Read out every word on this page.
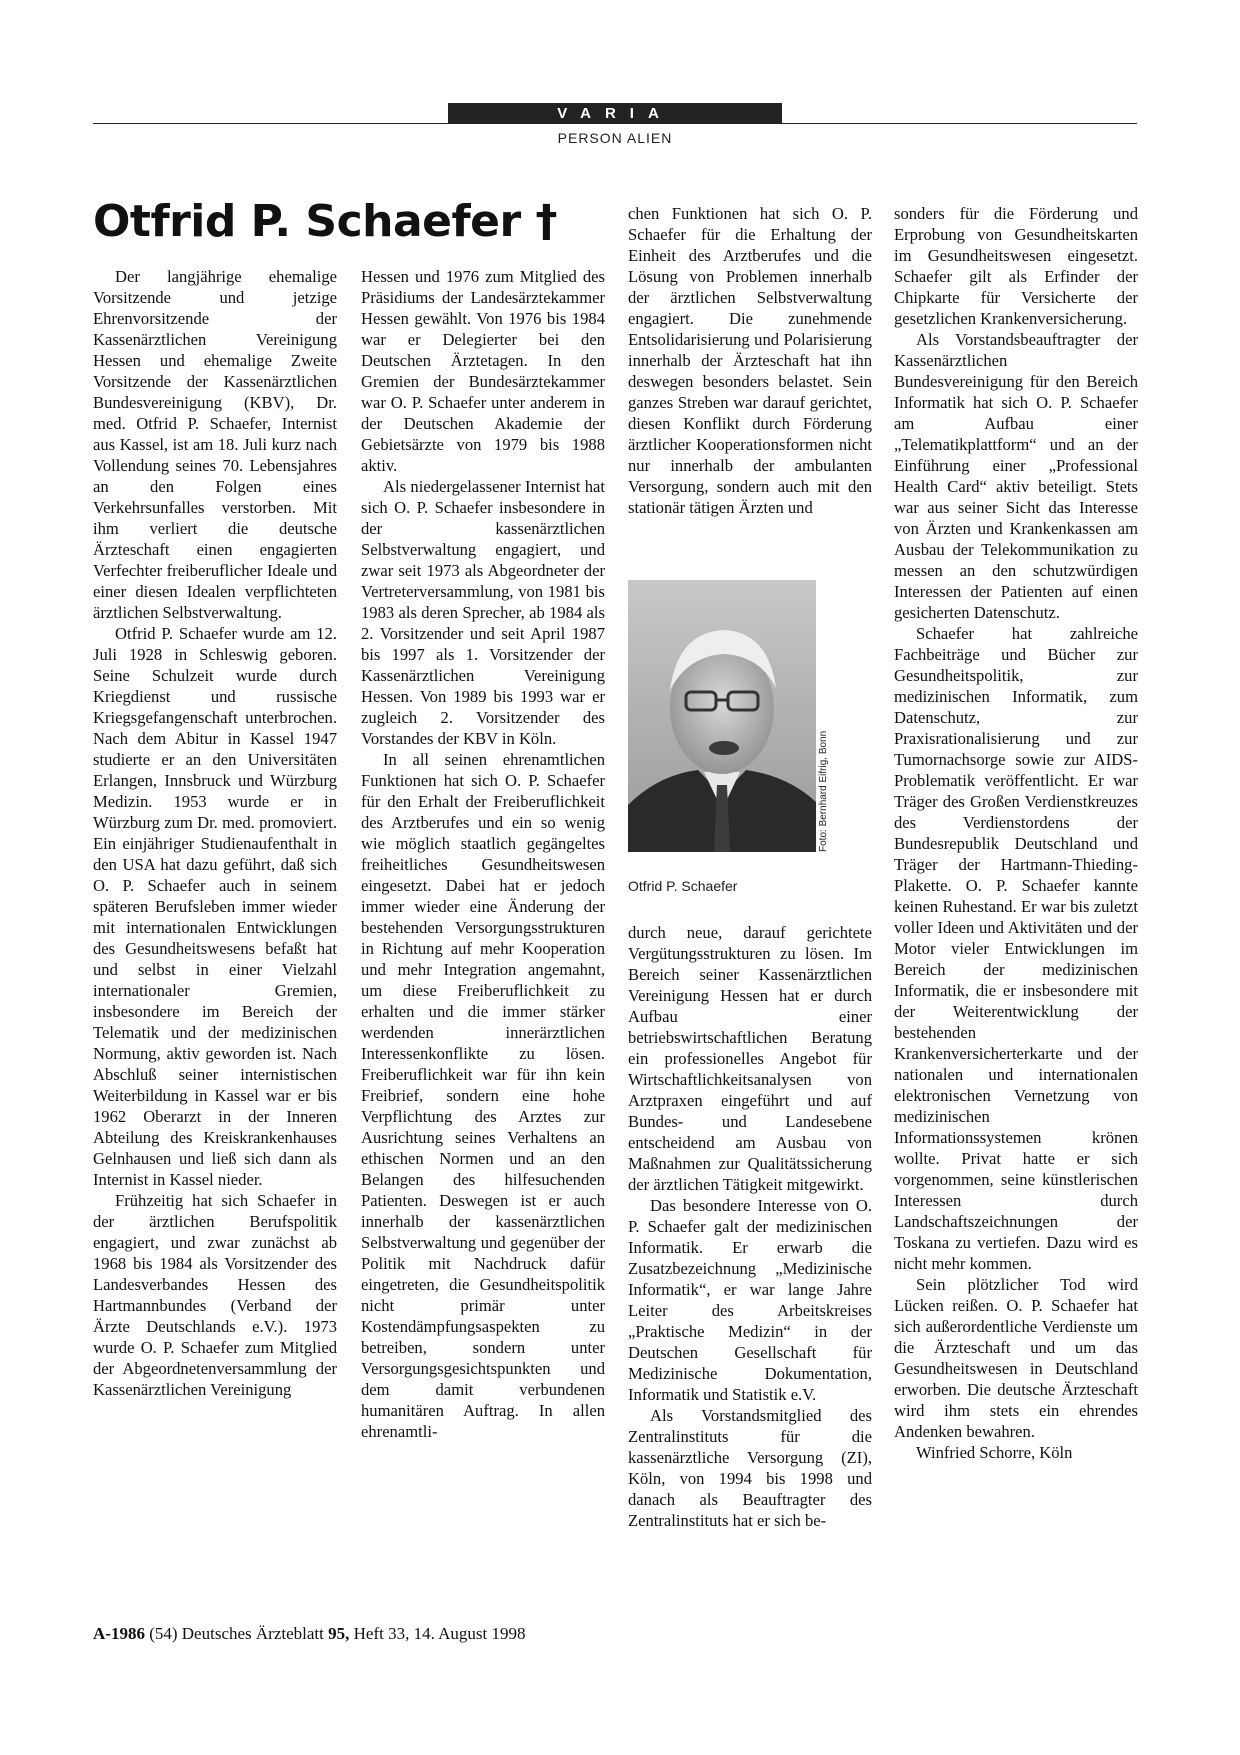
VARIA
PERSON ALIEN
Otfrid P. Schaefer †

Der langjährige ehemalige Vorsitzende und jetzige Ehrenvorsitzende der Kassenärztlichen Vereinigung Hessen und ehemalige Zweite Vorsitzende der Kassenärztlichen Bundesvereinigung (KBV), Dr. med. Otfrid P. Schaefer, Internist aus Kassel, ist am 18. Juli kurz nach Vollendung seines 70. Lebensjahres an den Folgen eines Verkehrsunfalles verstorben. Mit ihm verliert die deutsche Ärzteschaft einen engagierten Verfechter freiberuflicher Ideale und einer diesen Idealen verpflichteten ärztlichen Selbstverwaltung.

Otfrid P. Schaefer wurde am 12. Juli 1928 in Schleswig geboren. Seine Schulzeit wurde durch Kriegdienst und russische Kriegsgefangenschaft unterbrochen. Nach dem Abitur in Kassel 1947 studierte er an den Universitäten Erlangen, Innsbruck und Würzburg Medizin. 1953 wurde er in Würzburg zum Dr. med. promoviert. Ein einjähriger Studienaufenthalt in den USA hat dazu geführt, daß sich O. P. Schaefer auch in seinem späteren Berufsleben immer wieder mit internationalen Entwicklungen des Gesundheitswesens befaßt hat und selbst in einer Vielzahl internationaler Gremien, insbesondere im Bereich der Telematik und der medizinischen Normung, aktiv geworden ist. Nach Abschluß seiner internistischen Weiterbildung in Kassel war er bis 1962 Oberarzt in der Inneren Abteilung des Kreiskrankenhauses Gelnhausen und ließ sich dann als Internist in Kassel nieder.

Frühzeitig hat sich Schaefer in der ärztlichen Berufspolitik engagiert, und zwar zunächst ab 1968 bis 1984 als Vorsitzender des Landesverbandes Hessen des Hartmannbundes (Verband der Ärzte Deutschlands e.V.). 1973 wurde O. P. Schaefer zum Mitglied der Abgeordnetenversammlung der Kassenärztlichen Vereinigung

Hessen und 1976 zum Mitglied des Präsidiums der Landesärztekammer Hessen gewählt. Von 1976 bis 1984 war er Delegierter bei den Deutschen Ärztetagen. In den Gremien der Bundesärztekammer war O. P. Schaefer unter anderem in der Deutschen Akademie der Gebietsärzte von 1979 bis 1988 aktiv.

Als niedergelassener Internist hat sich O. P. Schaefer insbesondere in der kassenärztlichen Selbstverwaltung engagiert, und zwar seit 1973 als Abgeordneter der Vertreterversammlung, von 1981 bis 1983 als deren Sprecher, ab 1984 als 2. Vorsitzender und seit April 1987 bis 1997 als 1. Vorsitzender der Kassenärztlichen Vereinigung Hessen. Von 1989 bis 1993 war er zugleich 2. Vorsitzender des Vorstandes der KBV in Köln.

In all seinen ehrenamtlichen Funktionen hat sich O. P. Schaefer für den Erhalt der Freiberuflichkeit des Arztberufes und ein so wenig wie möglich staatlich gegängeltes freiheitliches Gesundheitswesen eingesetzt. Dabei hat er jedoch immer wieder eine Änderung der bestehenden Versorgungsstrukturen in Richtung auf mehr Kooperation und mehr Integration angemahnt, um diese Freiberuflichkeit zu erhalten und die immer stärker werdenden innerärztlichen Interessenkonflikte zu lösen. Freiberuflichkeit war für ihn kein Freibrief, sondern eine hohe Verpflichtung des Arztes zur Ausrichtung seines Verhaltens an ethischen Normen und an den Belangen des hilfesuchenden Patienten. Deswegen ist er auch innerhalb der kassenärztlichen Selbstverwaltung und gegenüber der Politik mit Nachdruck dafür eingetreten, die Gesundheitspolitik nicht primär unter Kostendämpfungsaspekten zu betreiben, sondern unter Versorgungsgesichtspunkten und dem damit verbundenen humanitären Auftrag. In allen ehrenamtli-

chen Funktionen hat sich O. P. Schaefer für die Erhaltung der Einheit des Arztberufes und die Lösung von Problemen innerhalb der ärztlichen Selbstverwaltung engagiert. Die zunehmende Entsolidarisierung und Polarisierung innerhalb der Ärzteschaft hat ihn deswegen besonders belastet. Sein ganzes Streben war darauf gerichtet, diesen Konflikt durch Förderung ärztlicher Kooperationsformen nicht nur innerhalb der ambulanten Versorgung, sondern auch mit den stationär tätigen Ärzten und

Foto: Bernhard Eifrig, Bonn
Otfrid P. Schaefer

durch neue, darauf gerichtete Vergütungsstrukturen zu lösen. Im Bereich seiner Kassenärztlichen Vereinigung Hessen hat er durch Aufbau einer betriebswirtschaftlichen Beratung ein professionelles Angebot für Wirtschaftlichkeitsanalysen von Arztpraxen eingeführt und auf Bundes- und Landesebene entscheidend am Ausbau von Maßnahmen zur Qualitätssicherung der ärztlichen Tätigkeit mitgewirkt.

Das besondere Interesse von O. P. Schaefer galt der medizinischen Informatik. Er erwarb die Zusatzbezeichnung „Medizinische Informatik“, er war lange Jahre Leiter des Arbeitskreises „Praktische Medizin“ in der Deutschen Gesellschaft für Medizinische Dokumentation, Informatik und Statistik e.V.

Als Vorstandsmitglied des Zentralinstituts für die kassenärztliche Versorgung (ZI), Köln, von 1994 bis 1998 und danach als Beauftragter des Zentralinstituts hat er sich be-

sonders für die Förderung und Erprobung von Gesundheitskarten im Gesundheitswesen eingesetzt. Schaefer gilt als Erfinder der Chipkarte für Versicherte der gesetzlichen Krankenversicherung.

Als Vorstandsbeauftragter der Kassenärztlichen Bundesvereinigung für den Bereich Informatik hat sich O. P. Schaefer am Aufbau einer „Telematikplattform“ und an der Einführung einer „Professional Health Card“ aktiv beteiligt. Stets war aus seiner Sicht das Interesse von Ärzten und Krankenkassen am Ausbau der Telekommunikation zu messen an den schutzwürdigen Interessen der Patienten auf einen gesicherten Datenschutz.

Schaefer hat zahlreiche Fachbeiträge und Bücher zur Gesundheitspolitik, zur medizinischen Informatik, zum Datenschutz, zur Praxisrationalisierung und zur Tumornachsorge sowie zur AIDS-Problematik veröffentlicht. Er war Träger des Großen Verdienstkreuzes des Verdienstordens der Bundesrepublik Deutschland und Träger der Hartmann-Thieding-Plakette. O. P. Schaefer kannte keinen Ruhestand. Er war bis zuletzt voller Ideen und Aktivitäten und der Motor vieler Entwicklungen im Bereich der medizinischen Informatik, die er insbesondere mit der Weiterentwicklung der bestehenden Krankenversicherterkarte und der nationalen und internationalen elektronischen Vernetzung von medizinischen Informationssystemen krönen wollte. Privat hatte er sich vorgenommen, seine künstlerischen Interessen durch Landschaftszeichnungen der Toskana zu vertiefen. Dazu wird es nicht mehr kommen.

Sein plötzlicher Tod wird Lücken reißen. O. P. Schaefer hat sich außerordentliche Verdienste um die Ärzteschaft und um das Gesundheitswesen in Deutschland erworben. Die deutsche Ärzteschaft wird ihm stets ein ehrendes Andenken bewahren.

Winfried Schorre, Köln

A-1986 (54) Deutsches Ärzteblatt 95, Heft 33, 14. August 1998
